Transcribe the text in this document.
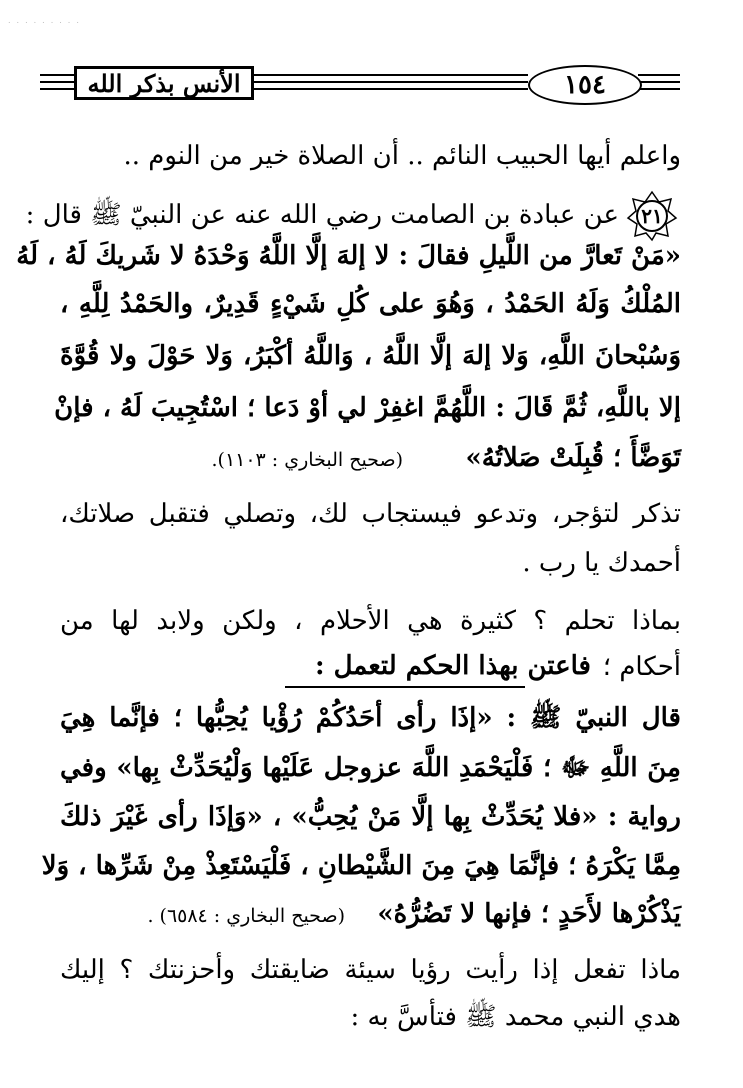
.........
الأنس بذكر الله	١٥٤
٢١
واعلم أيها الحبيب النائم .. أن الصلاة خير من النوم ..
عن عبادة بن الصامت رضي الله عنه عن النبيّ ﷺ قال :
«مَنْ تَعارَّ من اللَّيلِ فقالَ : لا إلهَ إلَّا اللَّهُ وَحْدَهُ لا شَريكَ لَهُ ، لَهُ
المُلْكُ وَلَهُ الحَمْدُ ، وَهُوَ على كُلِ شَيْءٍ قَدِيرٌ، والحَمْدُ لِلَّهِ ،
وَسُبْحانَ اللَّهِ، وَلا إلهَ إلَّا اللَّهُ ، وَاللَّهُ أكْبَرُ، وَلا حَوْلَ ولا قُوَّةَ
إلا باللَّهِ، ثُمَّ قَالَ : اللَّهُمَّ اغفِرْ لي أوْ دَعا ؛ اسْتُجِيبَ لَهُ ، فإنْ
تَوَضَّأَ ؛ قُبِلَتْ صَلاتُهُ»
(صحيح البخاري : ١١٠٣).
تذكر لتؤجر، وتدعو فيستجاب لك، وتصلي فتقبل صلاتك،
أحمدك يا رب .
بماذا تحلم ؟ كثيرة هي الأحلام ، ولكن ولابد لها من
أحكام ؛
فاعتن بهذا الحكم لتعمل :
قال النبيّ ﷺ : «إذَا رأى أحَدُكُمْ رُؤْيا يُحِبُّها ؛ فإنَّما هِيَ
مِنَ اللَّهِ ﷻ ؛ فَلْيَحْمَدِ اللَّهَ عزوجل عَلَيْها وَلْيُحَدِّثْ بِها» وفي
رواية : «فلا يُحَدِّثْ بِها إلَّا مَنْ يُحِبُّ» ، «وَإذَا رأى غَيْرَ ذلكَ
مِمَّا يَكْرَهُ ؛ فإنَّمَا هِيَ مِنَ الشَّيْطانِ ، فَلْيَسْتَعِذْ مِنْ شَرِّها ، وَلا
يَذْكُرْها لأَحَدٍ ؛ فإنها لا تَضُرُّهُ»
(صحيح البخاري : ٦٥٨٤) .
ماذا تفعل إذا رأيت رؤيا سيئة ضايقتك وأحزنتك ؟ إليك
هدي النبي محمد ﷺ فتأسَّ به :
